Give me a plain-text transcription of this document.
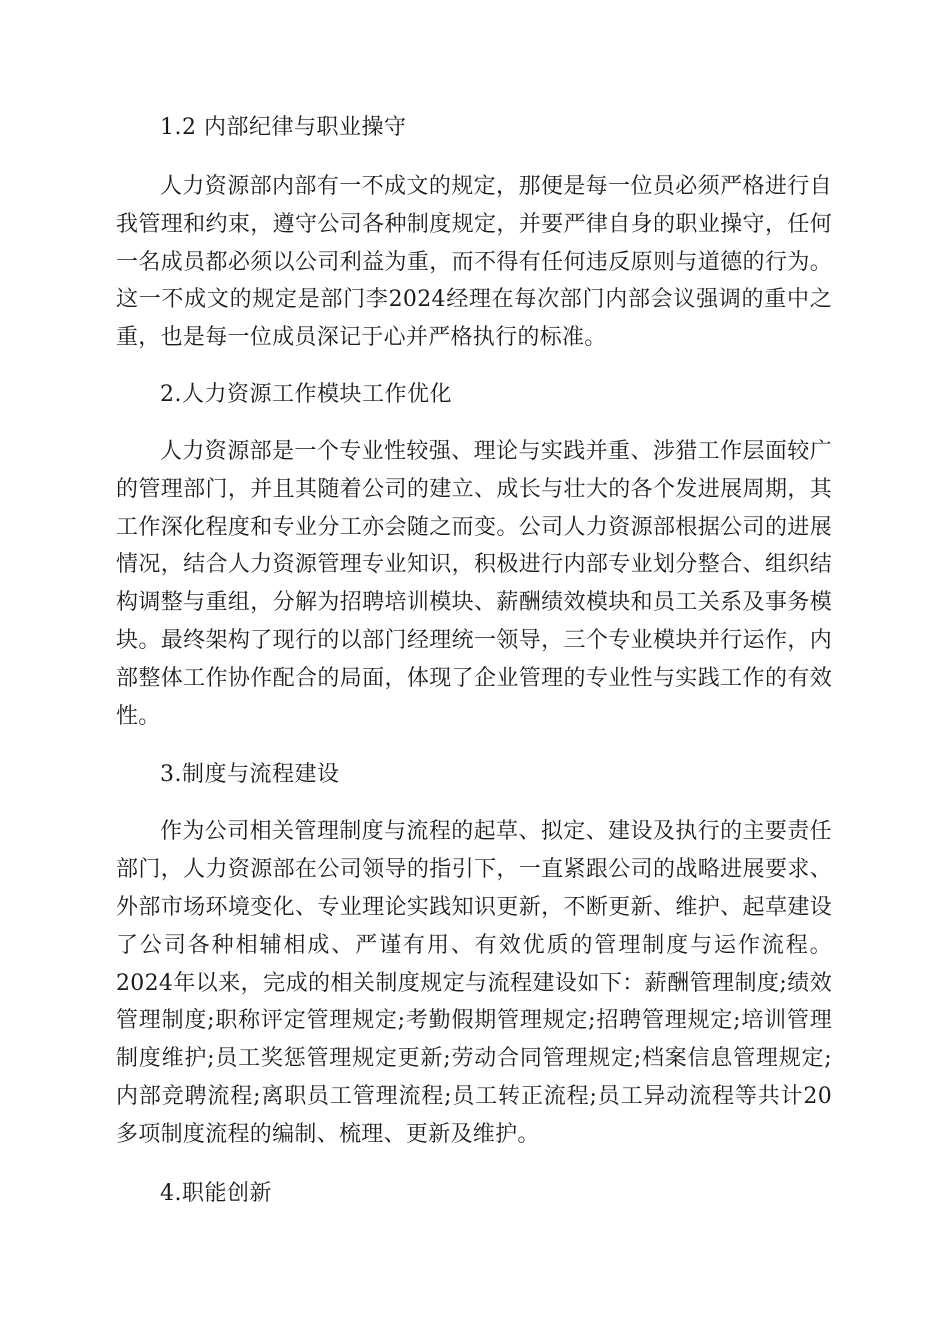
1.2 内部纪律与职业操守

人力资源部内部有一不成文的规定，那便是每一位员必须严格进行自我管理和约束，遵守公司各种制度规定，并要严律自身的职业操守，任何一名成员都必须以公司利益为重，而不得有任何违反原则与道德的行为。这一不成文的规定是部门李2024经理在每次部门内部会议强调的重中之重，也是每一位成员深记于心并严格执行的标准。

2.人力资源工作模块工作优化

人力资源部是一个专业性较强、理论与实践并重、涉猎工作层面较广的管理部门，并且其随着公司的建立、成长与壮大的各个发进展周期，其工作深化程度和专业分工亦会随之而变。公司人力资源部根据公司的进展情况，结合人力资源管理专业知识，积极进行内部专业划分整合、组织结构调整与重组，分解为招聘培训模块、薪酬绩效模块和员工关系及事务模块。最终架构了现行的以部门经理统一领导，三个专业模块并行运作，内部整体工作协作配合的局面，体现了企业管理的专业性与实践工作的有效性。

3.制度与流程建设

作为公司相关管理制度与流程的起草、拟定、建设及执行的主要责任部门，人力资源部在公司领导的指引下，一直紧跟公司的战略进展要求、外部市场环境变化、专业理论实践知识更新，不断更新、维护、起草建设了公司各种相辅相成、严谨有用、有效优质的管理制度与运作流程。2024年以来，完成的相关制度规定与流程建设如下：薪酬管理制度;绩效管理制度;职称评定管理规定;考勤假期管理规定;招聘管理规定;培训管理制度维护;员工奖惩管理规定更新;劳动合同管理规定;档案信息管理规定;内部竞聘流程;离职员工管理流程;员工转正流程;员工异动流程等共计20多项制度流程的编制、梳理、更新及维护。

4.职能创新
